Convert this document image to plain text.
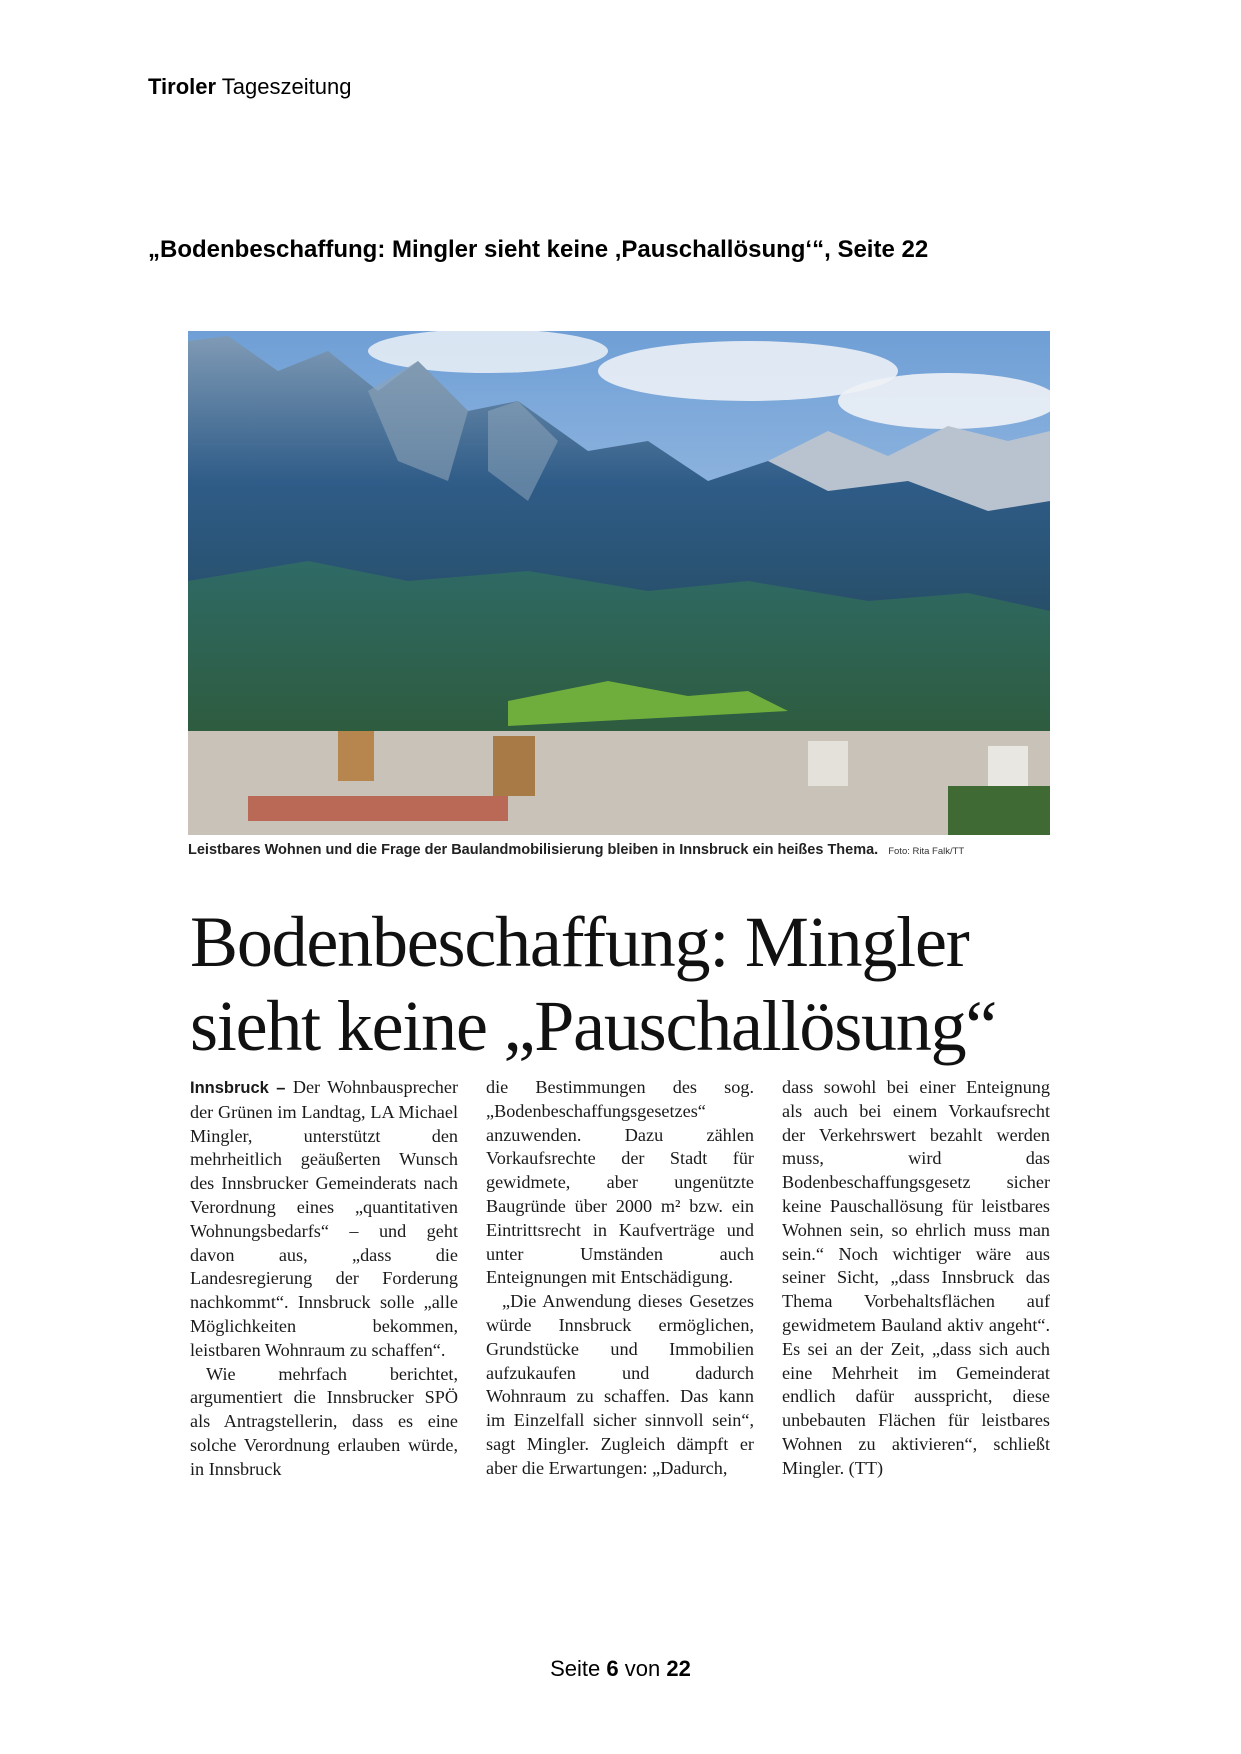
Tiroler Tageszeitung
„Bodenbeschaffung: Mingler sieht keine ‚Pauschallösung‘“, Seite 22
Leistbares Wohnen und die Frage der Baulandmobilisierung bleiben in Innsbruck ein heißes Thema. Foto: Rita Falk/TT
Bodenbeschaffung: Mingler
sieht keine „Pauschallösung“

Innsbruck – Der Wohnbausprecher der Grünen im Landtag, LA Michael Mingler, unterstützt den mehrheitlich geäußerten Wunsch des Innsbrucker Gemeinderats nach Verordnung eines „quantitativen Wohnungsbedarfs“ – und geht davon aus, „dass die Landesregierung der Forderung nachkommt“. Innsbruck solle „alle Möglichkeiten bekommen, leistbaren Wohnraum zu schaffen“.

Wie mehrfach berichtet, argumentiert die Innsbrucker SPÖ als Antragstellerin, dass es eine solche Verordnung erlauben würde, in Innsbruck

die Bestimmungen des sog. „Bodenbeschaffungsgesetzes“ anzuwenden. Dazu zählen Vorkaufsrechte der Stadt für gewidmete, aber ungenützte Baugründe über 2000 m² bzw. ein Eintrittsrecht in Kaufverträge und unter Umständen auch Enteignungen mit Entschädigung.

„Die Anwendung dieses Gesetzes würde Innsbruck ermöglichen, Grundstücke und Immobilien aufzukaufen und dadurch Wohnraum zu schaffen. Das kann im Einzelfall sicher sinnvoll sein“, sagt Mingler. Zugleich dämpft er aber die Erwartungen: „Dadurch,

dass sowohl bei einer Enteignung als auch bei einem Vorkaufsrecht der Verkehrswert bezahlt werden muss, wird das Bodenbeschaffungsgesetz sicher keine Pauschallösung für leistbares Wohnen sein, so ehrlich muss man sein.“ Noch wichtiger wäre aus seiner Sicht, „dass Innsbruck das Thema Vorbehaltsflächen auf gewidmetem Bauland aktiv angeht“. Es sei an der Zeit, „dass sich auch eine Mehrheit im Gemeinderat endlich dafür ausspricht, diese unbebauten Flächen für leistbares Wohnen zu aktivieren“, schließt Mingler. (TT)

Seite 6 von 22
